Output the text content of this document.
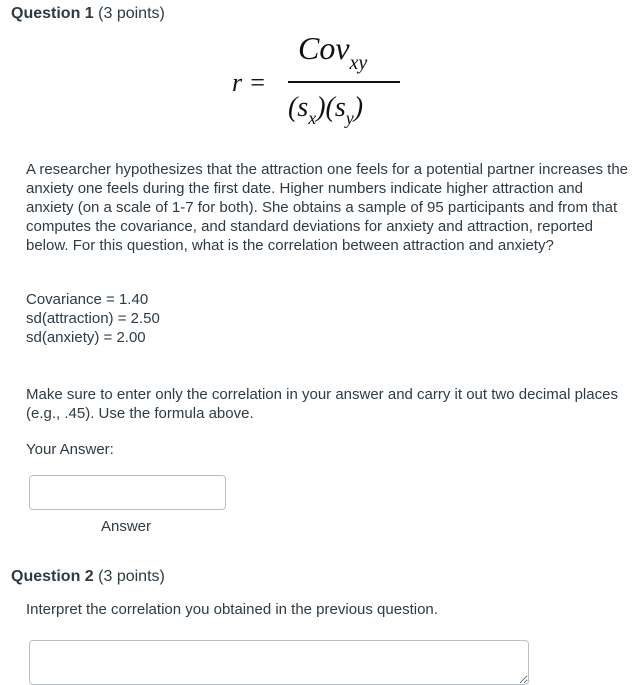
Question 1 (3 points)
r =
Cov$_{xy}$
$(s_x)(s_y)$
A researcher hypothesizes that the attraction one feels for a potential partner increases the anxiety one feels during the first date. Higher numbers indicate higher attraction and anxiety (on a scale of 1-7 for both). She obtains a sample of 95 participants and from that computes the covariance, and standard deviations for anxiety and attraction, reported below. For this question, what is the correlation between attraction and anxiety?
Covariance = 1.40
sd(attraction) = 2.50
sd(anxiety) = 2.00
Make sure to enter only the correlation in your answer and carry it out two decimal places (e.g., .45). Use the formula above.
Your Answer:
Answer
Question 2 (3 points)
Interpret the correlation you obtained in the previous question.
